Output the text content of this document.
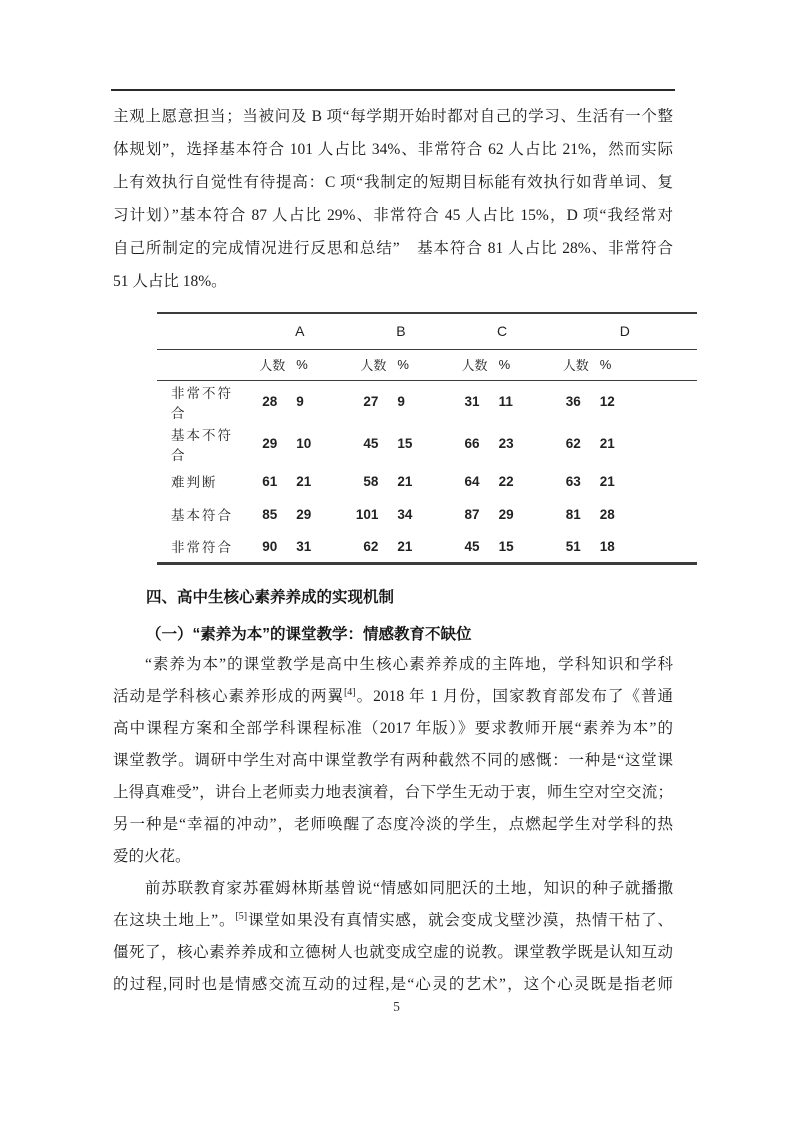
主观上愿意担当；当被问及 B 项“每学期开始时都对自己的学习、生活有一个整
体规划”，选择基本符合 101 人占比 34%、非常符合 62 人占比 21%，然而实际
上有效执行自觉性有待提高：C 项“我制定的短期目标能有效执行如背单词、复
习计划）”基本符合 87 人占比 29%、非常符合 45 人占比 15%，D 项“我经常对
自己所制定的完成情况进行反思和总结”　基本符合 81 人占比 28%、非常符合
51 人占比 18%。
	A		B		C		D	
	人数	%	人数	%	人数	%	人数	%
非常不符合	28	9	27	9	31	11	36	12
基本不符合	29	10	45	15	66	23	62	21
难判断	61	21	58	21	64	22	63	21
基本符合	85	29	101	34	87	29	81	28
非常符合	90	31	62	21	45	15	51	18
四、高中生核心素养养成的实现机制
（一）“素养为本”的课堂教学：情感教育不缺位
“素养为本”的课堂教学是高中生核心素养养成的主阵地，学科知识和学科
活动是学科核心素养形成的两翼[4]。2018 年 1 月份，国家教育部发布了《普通
高中课程方案和全部学科课程标准（2017 年版）》要求教师开展“素养为本”的
课堂教学。调研中学生对高中课堂教学有两种截然不同的感慨：一种是“这堂课
上得真难受”，讲台上老师卖力地表演着，台下学生无动于衷，师生空对空交流；
另一种是“幸福的冲动”，老师唤醒了态度冷淡的学生，点燃起学生对学科的热
爱的火花。
前苏联教育家苏霍姆林斯基曾说“情感如同肥沃的土地，知识的种子就播撒
在这块土地上”。[5]课堂如果没有真情实感，就会变成戈壁沙漠，热情干枯了、
僵死了，核心素养养成和立德树人也就变成空虚的说教。课堂教学既是认知互动
的过程,同时也是情感交流互动的过程,是“心灵的艺术”，这个心灵既是指老师
5
